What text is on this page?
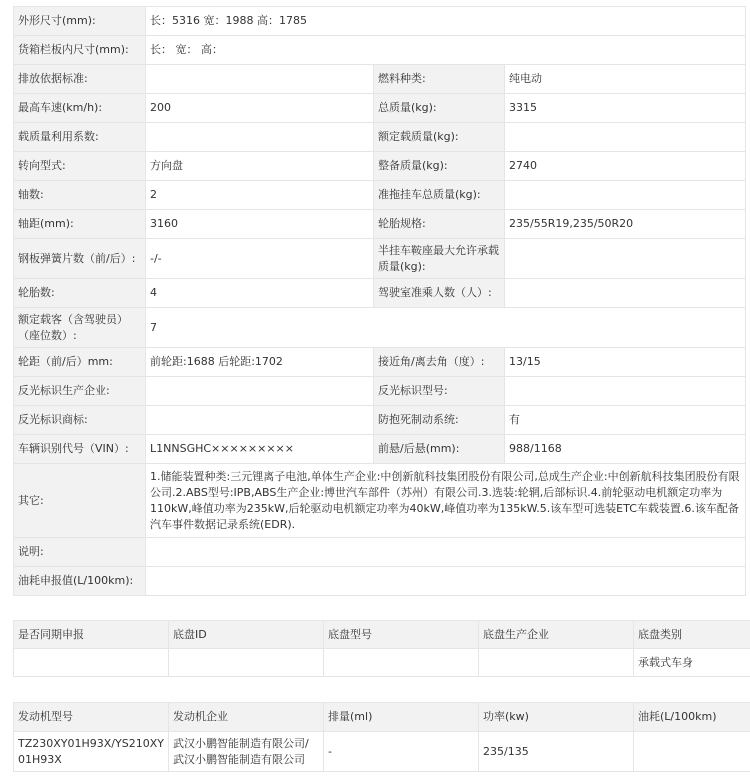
外形尺寸(mm):	长：5316 宽：1988 高：1785		
货箱栏板内尺寸(mm):	长： 宽： 高：		
排放依据标准:		燃料种类:	纯电动
最高车速(km/h):	200	总质量(kg):	3315
载质量利用系数:		额定载质量(kg):	
转向型式:	方向盘	整备质量(kg):	2740
轴数:	2	准拖挂车总质量(kg):	
轴距(mm):	3160	轮胎规格:	235/55R19,235/50R20
钢板弹簧片数（前/后）:	-/-	半挂车鞍座最大允许承载质量(kg):	
轮胎数:	4	驾驶室准乘人数（人）:	
额定载客（含驾驶员）（座位数）:	7		
轮距（前/后）mm:	前轮距:1688 后轮距:1702	接近角/离去角（度）:	13/15
反光标识生产企业:		反光标识型号:	
反光标识商标:		防抱死制动系统:	有
车辆识别代号（VIN）:	L1NNSGHC×××××××××	前悬/后悬(mm):	988/1168
其它:	1.储能装置种类:三元锂离子电池,单体生产企业:中创新航科技集团股份有限公司,总成生产企业:中创新航科技集团股份有限公司.2.ABS型号:IPB,ABS生产企业:博世汽车部件（苏州）有限公司.3.选装:轮辋,后部标识.4.前轮驱动电机额定功率为110kW,峰值功率为235kW,后轮驱动电机额定功率为40kW,峰值功率为135kW.5.该车型可选装ETC车载装置.6.该车配备汽车事件数据记录系统(EDR).		
说明:			
油耗申报值(L/100km):			
是否同期申报	底盘ID	底盘型号	底盘生产企业	底盘类别
				承载式车身
发动机型号	发动机企业	排量(ml)	功率(kw)	油耗(L/100km)
TZ230XY01H93X/YS210XY01H93X	武汉小鹏智能制造有限公司/武汉小鹏智能制造有限公司	-	235/135	
